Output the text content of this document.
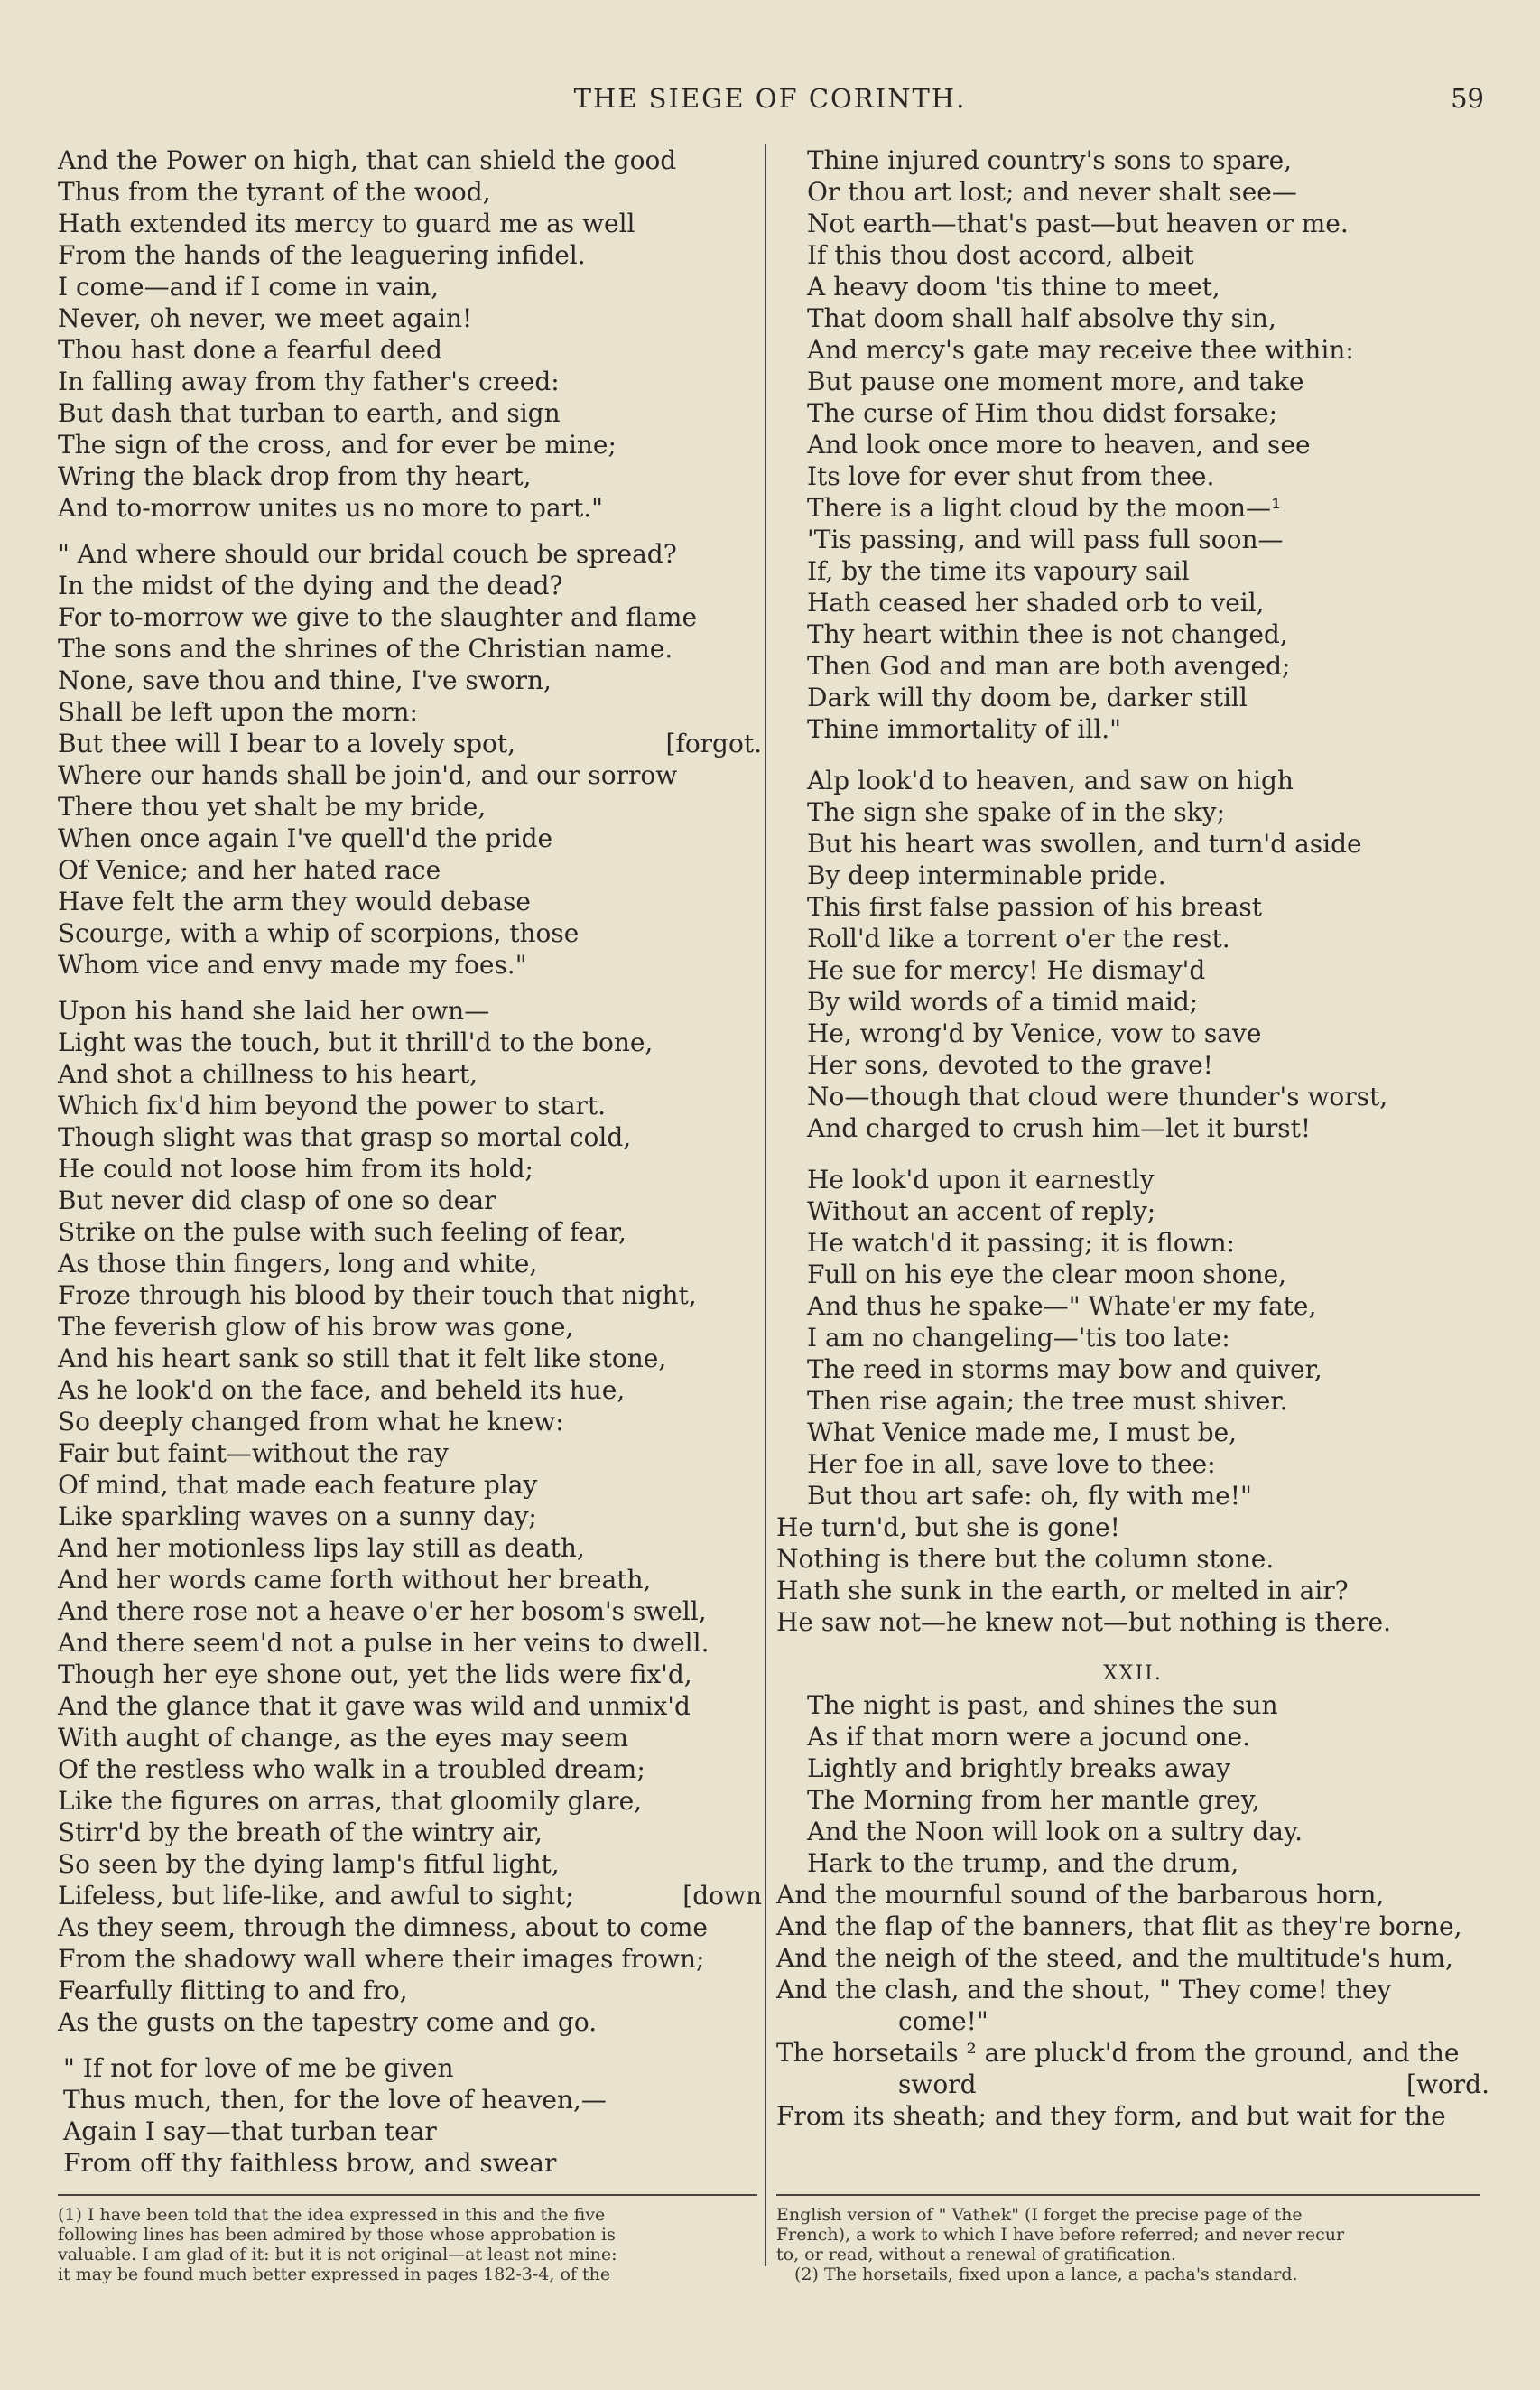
THE SIEGE OF CORINTH.	59
And the Power on high, that can shield the good
Thus from the tyrant of the wood,
Hath extended its mercy to guard me as well
From the hands of the leaguering infidel.
I come—and if I come in vain,
Never, oh never, we meet again!
Thou hast done a fearful deed
In falling away from thy father's creed:
But dash that turban to earth, and sign
The sign of the cross, and for ever be mine;
Wring the black drop from thy heart,
And to-morrow unites us no more to part."
" And where should our bridal couch be spread?
In the midst of the dying and the dead?
For to-morrow we give to the slaughter and flame
The sons and the shrines of the Christian name.
None, save thou and thine, I've sworn,
Shall be left upon the morn:
But thee will I bear to a lovely spot,	[forgot.
Where our hands shall be join'd, and our sorrow
There thou yet shalt be my bride,
When once again I've quell'd the pride
Of Venice; and her hated race
Have felt the arm they would debase
Scourge, with a whip of scorpions, those
Whom vice and envy made my foes."
Upon his hand she laid her own—
Light was the touch, but it thrill'd to the bone,
And shot a chillness to his heart,
Which fix'd him beyond the power to start.
Though slight was that grasp so mortal cold,
He could not loose him from its hold;
But never did clasp of one so dear
Strike on the pulse with such feeling of fear,
As those thin fingers, long and white,
Froze through his blood by their touch that night,
The feverish glow of his brow was gone,
And his heart sank so still that it felt like stone,
As he look'd on the face, and beheld its hue,
So deeply changed from what he knew:
Fair but faint—without the ray
Of mind, that made each feature play
Like sparkling waves on a sunny day;
And her motionless lips lay still as death,
And her words came forth without her breath,
And there rose not a heave o'er her bosom's swell,
And there seem'd not a pulse in her veins to dwell.
Though her eye shone out, yet the lids were fix'd,
And the glance that it gave was wild and unmix'd
With aught of change, as the eyes may seem
Of the restless who walk in a troubled dream;
Like the figures on arras, that gloomily glare,
Stirr'd by the breath of the wintry air,
So seen by the dying lamp's fitful light,
Lifeless, but life-like, and awful to sight;	[down
As they seem, through the dimness, about to come
From the shadowy wall where their images frown;
Fearfully flitting to and fro,
As the gusts on the tapestry come and go.
" If not for love of me be given
Thus much, then, for the love of heaven,—
Again I say—that turban tear
From off thy faithless brow, and swear
Thine injured country's sons to spare,
Or thou art lost; and never shalt see—
Not earth—that's past—but heaven or me.
If this thou dost accord, albeit
A heavy doom 'tis thine to meet,
That doom shall half absolve thy sin,
And mercy's gate may receive thee within:
But pause one moment more, and take
The curse of Him thou didst forsake;
And look once more to heaven, and see
Its love for ever shut from thee.
There is a light cloud by the moon—¹
'Tis passing, and will pass full soon—
If, by the time its vapoury sail
Hath ceased her shaded orb to veil,
Thy heart within thee is not changed,
Then God and man are both avenged;
Dark will thy doom be, darker still
Thine immortality of ill."
Alp look'd to heaven, and saw on high
The sign she spake of in the sky;
But his heart was swollen, and turn'd aside
By deep interminable pride.
This first false passion of his breast
Roll'd like a torrent o'er the rest.
He sue for mercy! He dismay'd
By wild words of a timid maid;
He, wrong'd by Venice, vow to save
Her sons, devoted to the grave!
No—though that cloud were thunder's worst,
And charged to crush him—let it burst!
He look'd upon it earnestly
Without an accent of reply;
He watch'd it passing; it is flown:
Full on his eye the clear moon shone,
And thus he spake—" Whate'er my fate,
I am no changeling—'tis too late:
The reed in storms may bow and quiver,
Then rise again; the tree must shiver.
What Venice made me, I must be,
Her foe in all, save love to thee:
But thou art safe: oh, fly with me!"
He turn'd, but she is gone!
Nothing is there but the column stone.
Hath she sunk in the earth, or melted in air?
He saw not—he knew not—but nothing is there.
XXII.
The night is past, and shines the sun
As if that morn were a jocund one.
Lightly and brightly breaks away
The Morning from her mantle grey,
And the Noon will look on a sultry day.
Hark to the trump, and the drum,
And the mournful sound of the barbarous horn,
And the flap of the banners, that flit as they're borne,
And the neigh of the steed, and the multitude's hum,
And the clash, and the shout, " They come! they
come!"
The horsetails ² are pluck'd from the ground, and the
sword	[word.
From its sheath; and they form, and but wait for the
(1) I have been told that the idea expressed in this and the five
following lines has been admired by those whose approbation is
valuable. I am glad of it: but it is not original—at least not mine:
it may be found much better expressed in pages 182-3-4, of the
English version of " Vathek" (I forget the precise page of the
French), a work to which I have before referred; and never recur
to, or read, without a renewal of gratification.
(2) The horsetails, fixed upon a lance, a pacha's standard.
